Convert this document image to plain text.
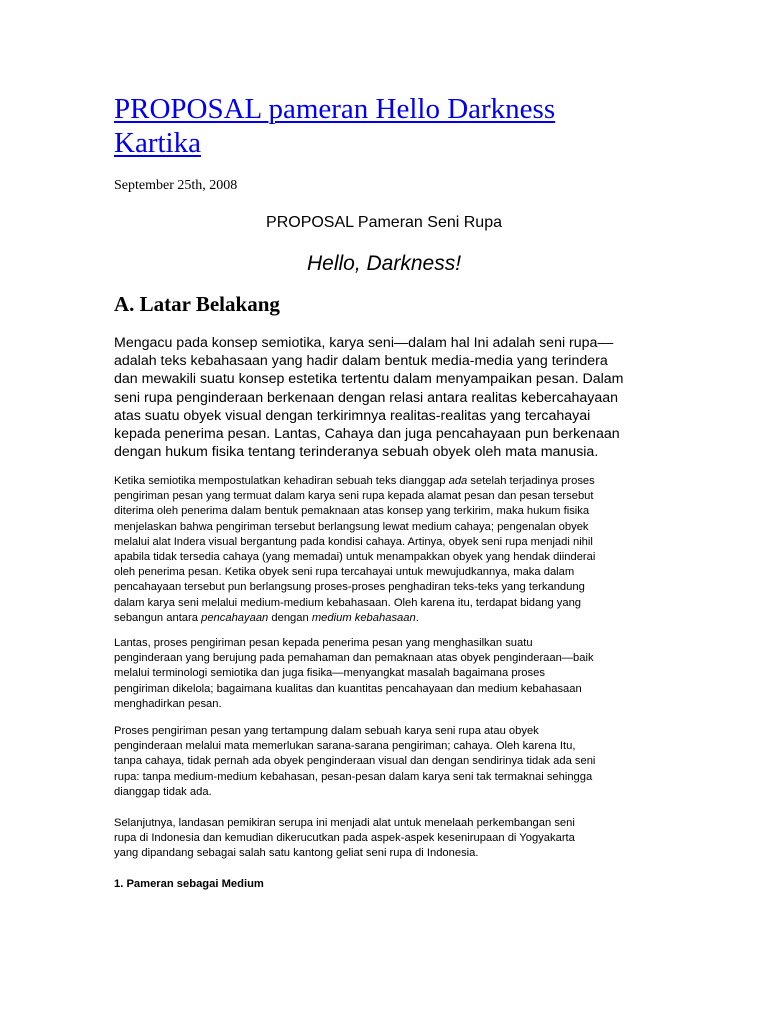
PROPOSAL pameran Hello Darkness
Kartika
September 25th, 2008
PROPOSAL Pameran Seni Rupa
Hello, Darkness!
A. Latar Belakang

Mengacu pada konsep semiotika, karya seni—dalam hal Ini adalah seni rupa––
adalah teks kebahasaan yang hadir dalam bentuk media-media yang terindera
dan mewakili suatu konsep estetika tertentu dalam menyampaikan pesan. Dalam
seni rupa penginderaan berkenaan dengan relasi antara realitas kebercahayaan
atas suatu obyek visual dengan terkirimnya realitas-realitas yang tercahayai
kepada penerima pesan. Lantas, Cahaya dan juga pencahayaan pun berkenaan
dengan hukum fisika tentang terinderanya sebuah obyek oleh mata manusia.

Ketika semiotika mempostulatkan kehadiran sebuah teks dianggap ada setelah terjadinya proses
pengiriman pesan yang termuat dalam karya seni rupa kepada alamat pesan dan pesan tersebut
diterima oleh penerima dalam bentuk pemaknaan atas konsep yang terkirim, maka hukum fisika
menjelaskan bahwa pengiriman tersebut berlangsung lewat medium cahaya; pengenalan obyek
melalui alat Indera visual bergantung pada kondisi cahaya. Artinya, obyek seni rupa menjadi nihil
apabila tidak tersedia cahaya (yang memadai) untuk menampakkan obyek yang hendak diinderai
oleh penerima pesan. Ketika obyek seni rupa tercahayai untuk mewujudkannya, maka dalam
pencahayaan tersebut pun berlangsung proses-proses penghadiran teks-teks yang terkandung
dalam karya seni melalui medium-medium kebahasaan. Oleh karena itu, terdapat bidang yang
sebangun antara pencahayaan dengan medium kebahasaan.

Lantas, proses pengiriman pesan kepada penerima pesan yang menghasilkan suatu
penginderaan yang berujung pada pemahaman dan pemaknaan atas obyek penginderaan—baik
melalui terminologi semiotika dan juga fisika—menyangkat masalah bagaimana proses
pengiriman dikelola; bagaimana kualitas dan kuantitas pencahayaan dan medium kebahasaan
menghadirkan pesan.

Proses pengiriman pesan yang tertampung dalam sebuah karya seni rupa atau obyek
penginderaan melalui mata memerlukan sarana-sarana pengiriman; cahaya. Oleh karena Itu,
tanpa cahaya, tidak pernah ada obyek penginderaan visual dan dengan sendirinya tidak ada seni
rupa: tanpa medium-medium kebahasan, pesan-pesan dalam karya seni tak termaknai sehingga
dianggap tidak ada.

Selanjutnya, landasan pemikiran serupa ini menjadi alat untuk menelaah perkembangan seni
rupa di Indonesia dan kemudian dikerucutkan pada aspek-aspek kesenirupaan di Yogyakarta
yang dipandang sebagai salah satu kantong geliat seni rupa di Indonesia.

1. Pameran sebagai Medium
